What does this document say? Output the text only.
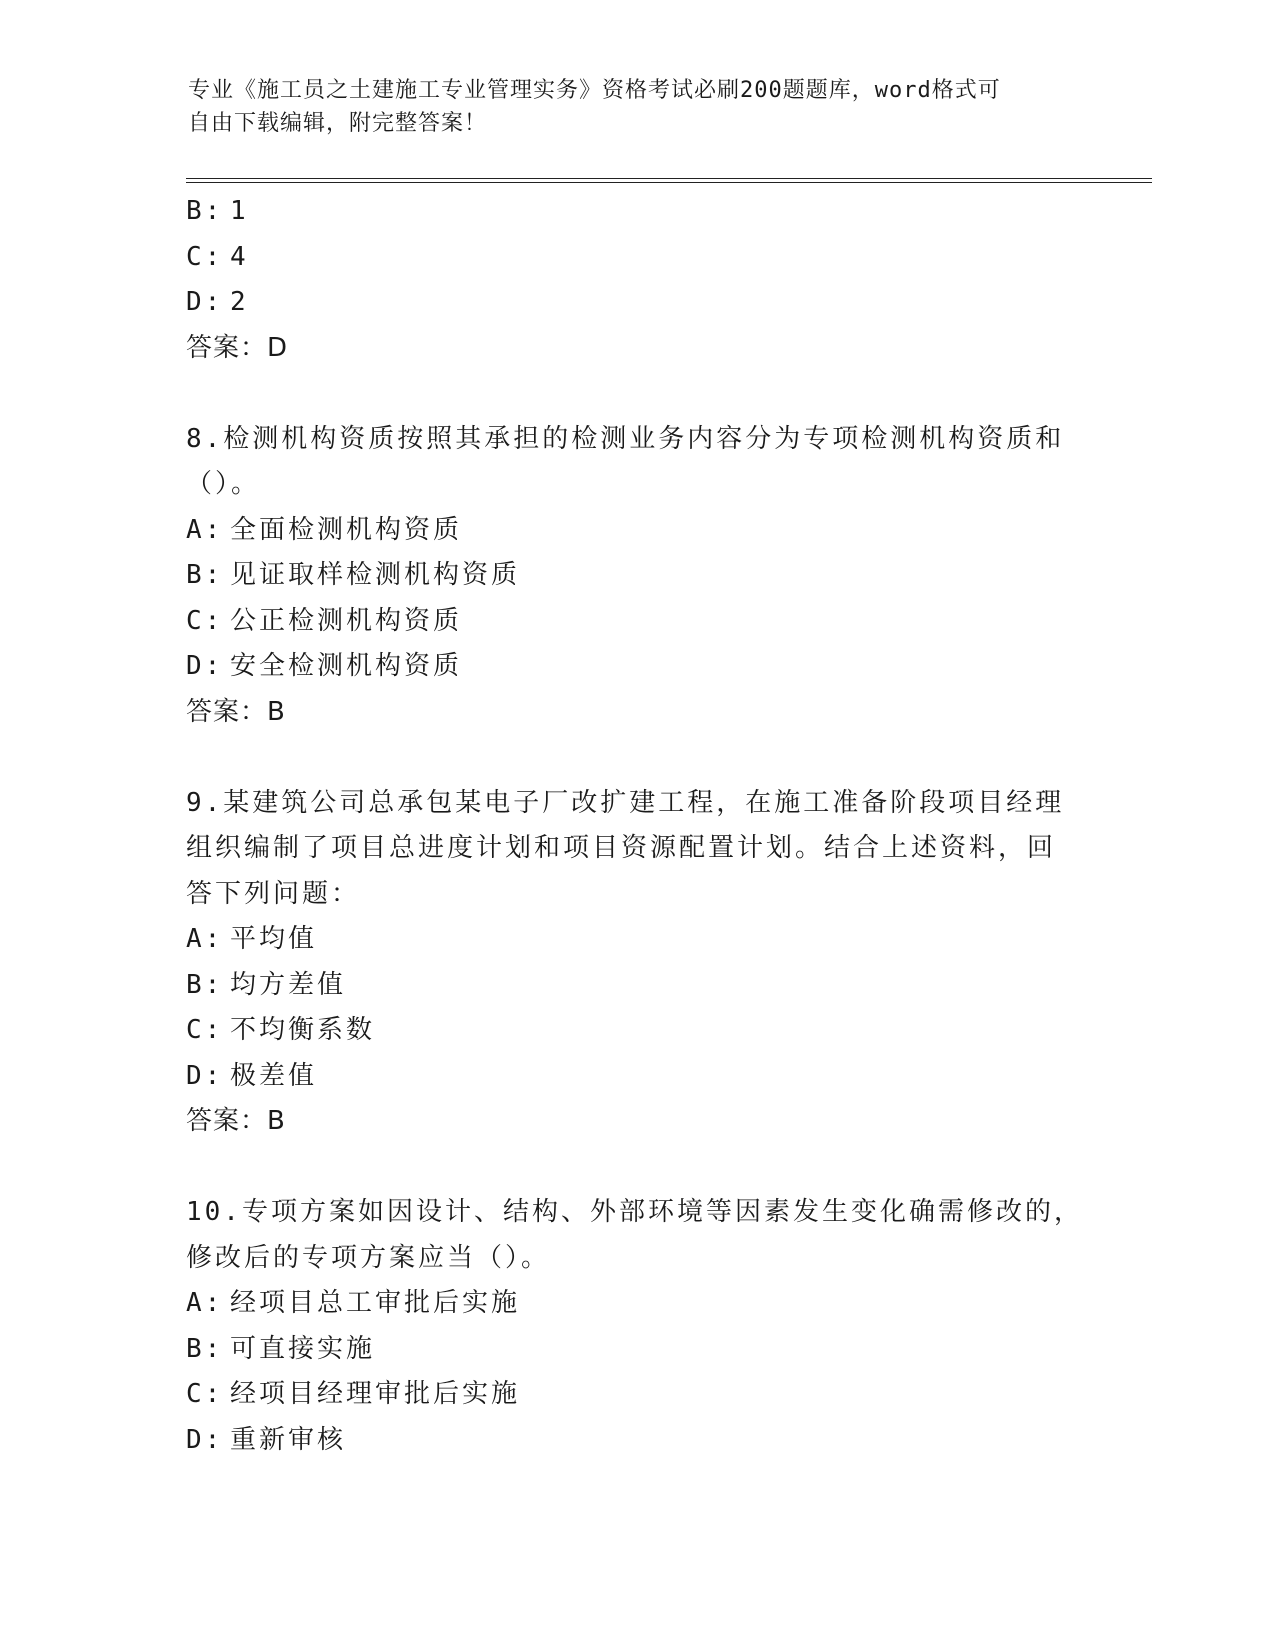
专业《施工员之土建施工专业管理实务》资格考试必刷200题题库，word格式可
自由下载编辑，附完整答案！
B: 1
C: 4
D: 2
答案：D
8.检测机构资质按照其承担的检测业务内容分为专项检测机构资质和
（）。
A: 全面检测机构资质
B: 见证取样检测机构资质
C: 公正检测机构资质
D: 安全检测机构资质
答案：B
9.某建筑公司总承包某电子厂改扩建工程，在施工准备阶段项目经理
组织编制了项目总进度计划和项目资源配置计划。结合上述资料，回
答下列问题：
A: 平均值
B: 均方差值
C: 不均衡系数
D: 极差值
答案：B
10.专项方案如因设计、结构、外部环境等因素发生变化确需修改的，
修改后的专项方案应当（）。
A: 经项目总工审批后实施
B: 可直接实施
C: 经项目经理审批后实施
D: 重新审核
